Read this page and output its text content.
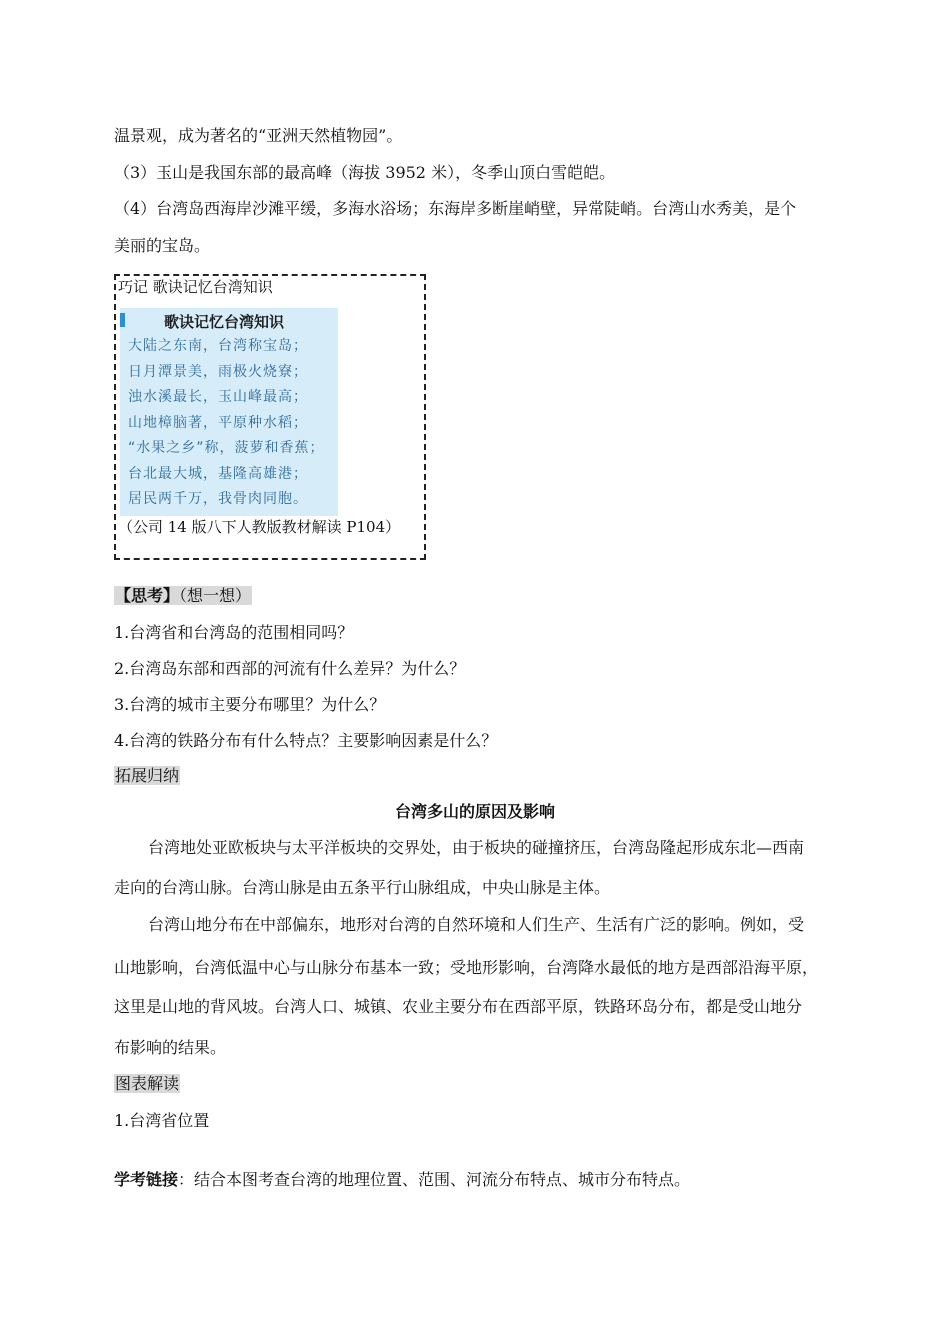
温景观，成为著名的“亚洲天然植物园”。
（3）玉山是我国东部的最高峰（海拔 3952 米），冬季山顶白雪皑皑。
（4）台湾岛西海岸沙滩平缓，多海水浴场；东海岸多断崖峭壁，异常陡峭。台湾山水秀美，是个
美丽的宝岛。
巧记 歌诀记忆台湾知识
歌诀记忆台湾知识
大陆之东南，台湾称宝岛；
日月潭景美，雨极火烧寮；
浊水溪最长，玉山峰最高；
山地樟脑著，平原种水稻；
“水果之乡”称，菠萝和香蕉；
台北最大城，基隆高雄港；
居民两千万，我骨肉同胞。
（公司 14 版八下人教版教材解读 P104）
【思考】（想一想）
1.台湾省和台湾岛的范围相同吗？
2.台湾岛东部和西部的河流有什么差异？为什么？
3.台湾的城市主要分布哪里？为什么？
4.台湾的铁路分布有什么特点？主要影响因素是什么？
拓展归纳
台湾多山的原因及影响
台湾地处亚欧板块与太平洋板块的交界处，由于板块的碰撞挤压，台湾岛隆起形成东北—西南
走向的台湾山脉。台湾山脉是由五条平行山脉组成，中央山脉是主体。
台湾山地分布在中部偏东，地形对台湾的自然环境和人们生产、生活有广泛的影响。例如，受
山地影响，台湾低温中心与山脉分布基本一致；受地形影响，台湾降水最低的地方是西部沿海平原，
这里是山地的背风坡。台湾人口、城镇、农业主要分布在西部平原，铁路环岛分布，都是受山地分
布影响的结果。
图表解读
1.台湾省位置
学考链接：结合本图考查台湾的地理位置、范围、河流分布特点、城市分布特点。
